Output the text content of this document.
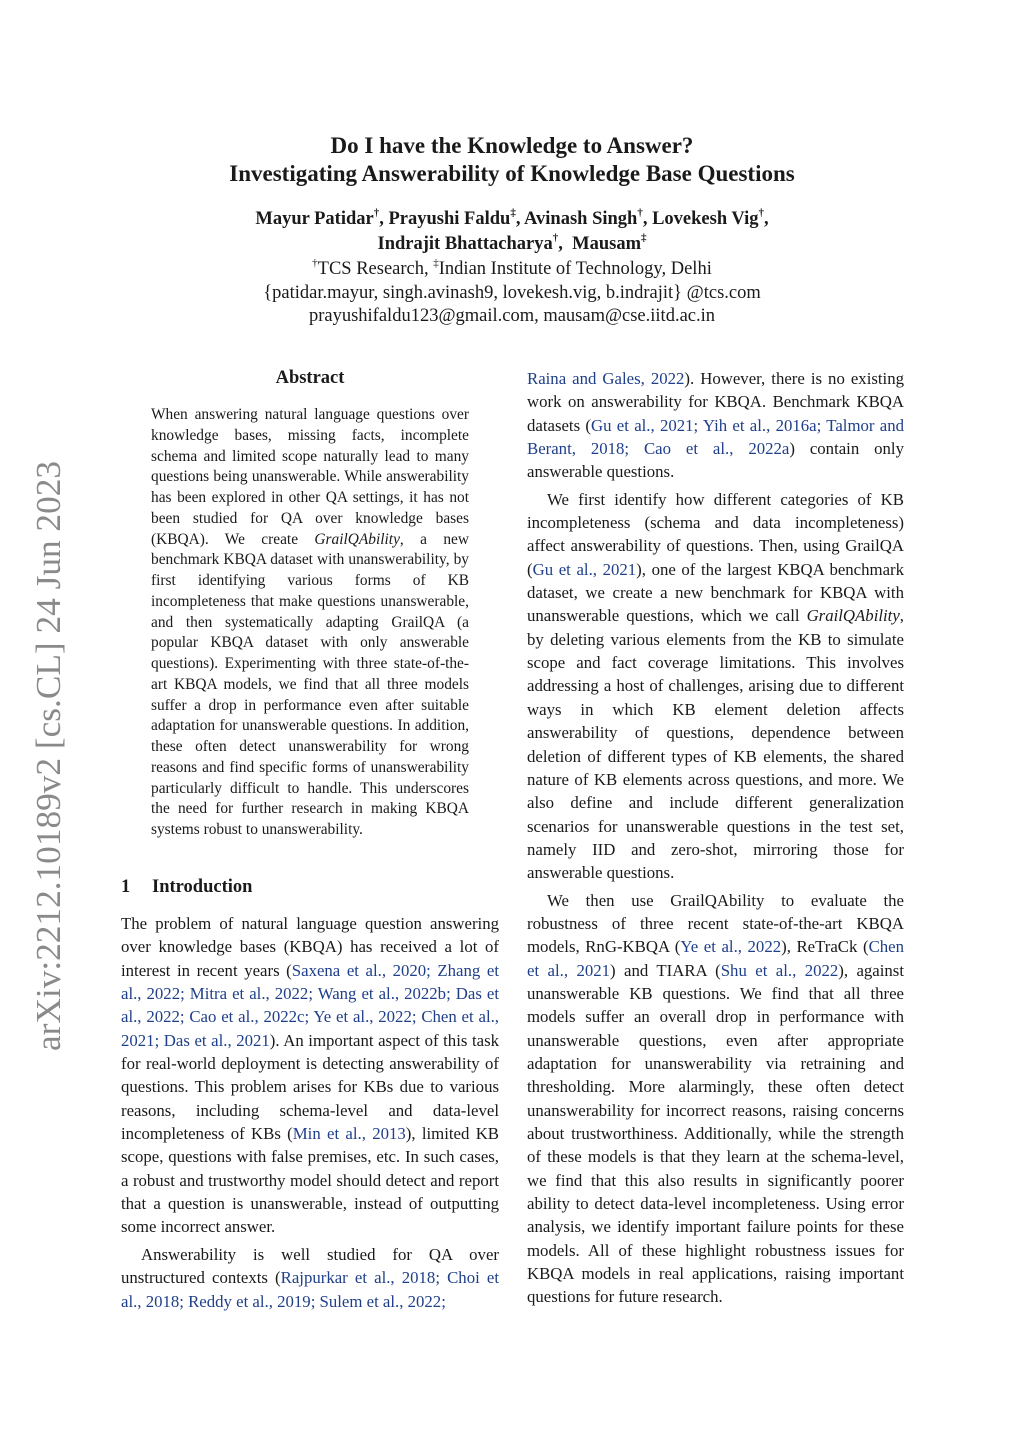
arXiv:2212.10189v2 [cs.CL] 24 Jun 2023
Do I have the Knowledge to Answer?
Investigating Answerability of Knowledge Base Questions
Mayur Patidar†, Prayushi Faldu‡, Avinash Singh†, Lovekesh Vig†,
Indrajit Bhattacharya†,  Mausam‡
†TCS Research, ‡Indian Institute of Technology, Delhi
{patidar.mayur, singh.avinash9, lovekesh.vig, b.indrajit} @tcs.com
prayushifaldu123@gmail.com, mausam@cse.iitd.ac.in
Abstract
When answering natural language questions over knowledge bases, missing facts, incomplete schema and limited scope naturally lead to many questions being unanswerable. While answerability has been explored in other QA settings, it has not been studied for QA over knowledge bases (KBQA). We create GrailQAbility, a new benchmark KBQA dataset with unanswerability, by first identifying various forms of KB incompleteness that make questions unanswerable, and then systematically adapting GrailQA (a popular KBQA dataset with only answerable questions). Experimenting with three state-of-the-art KBQA models, we find that all three models suffer a drop in performance even after suitable adaptation for unanswerable questions. In addition, these often detect unanswerability for wrong reasons and find specific forms of unanswerability particularly difficult to handle. This underscores the need for further research in making KBQA systems robust to unanswerability.
1 Introduction

The problem of natural language question answering over knowledge bases (KBQA) has received a lot of interest in recent years (Saxena et al., 2020; Zhang et al., 2022; Mitra et al., 2022; Wang et al., 2022b; Das et al., 2022; Cao et al., 2022c; Ye et al., 2022; Chen et al., 2021; Das et al., 2021). An important aspect of this task for real-world deployment is detecting answerability of questions. This problem arises for KBs due to various reasons, including schema-level and data-level incompleteness of KBs (Min et al., 2013), limited KB scope, questions with false premises, etc. In such cases, a robust and trustworthy model should detect and report that a question is unanswerable, instead of outputting some incorrect answer.

Answerability is well studied for QA over unstructured contexts (Rajpurkar et al., 2018; Choi et al., 2018; Reddy et al., 2019; Sulem et al., 2022;

Raina and Gales, 2022). However, there is no existing work on answerability for KBQA. Benchmark KBQA datasets (Gu et al., 2021; Yih et al., 2016a; Talmor and Berant, 2018; Cao et al., 2022a) contain only answerable questions.

We first identify how different categories of KB incompleteness (schema and data incompleteness) affect answerability of questions. Then, using GrailQA (Gu et al., 2021), one of the largest KBQA benchmark dataset, we create a new benchmark for KBQA with unanswerable questions, which we call GrailQAbility, by deleting various elements from the KB to simulate scope and fact coverage limitations. This involves addressing a host of challenges, arising due to different ways in which KB element deletion affects answerability of questions, dependence between deletion of different types of KB elements, the shared nature of KB elements across questions, and more. We also define and include different generalization scenarios for unanswerable questions in the test set, namely IID and zero-shot, mirroring those for answerable questions.

We then use GrailQAbility to evaluate the robustness of three recent state-of-the-art KBQA models, RnG-KBQA (Ye et al., 2022), ReTraCk (Chen et al., 2021) and TIARA (Shu et al., 2022), against unanswerable KB questions. We find that all three models suffer an overall drop in performance with unanswerable questions, even after appropriate adaptation for unanswerability via retraining and thresholding. More alarmingly, these often detect unanswerability for incorrect reasons, raising concerns about trustworthiness. Additionally, while the strength of these models is that they learn at the schema-level, we find that this also results in significantly poorer ability to detect data-level incompleteness. Using error analysis, we identify important failure points for these models. All of these highlight robustness issues for KBQA models in real applications, raising important questions for future research.
